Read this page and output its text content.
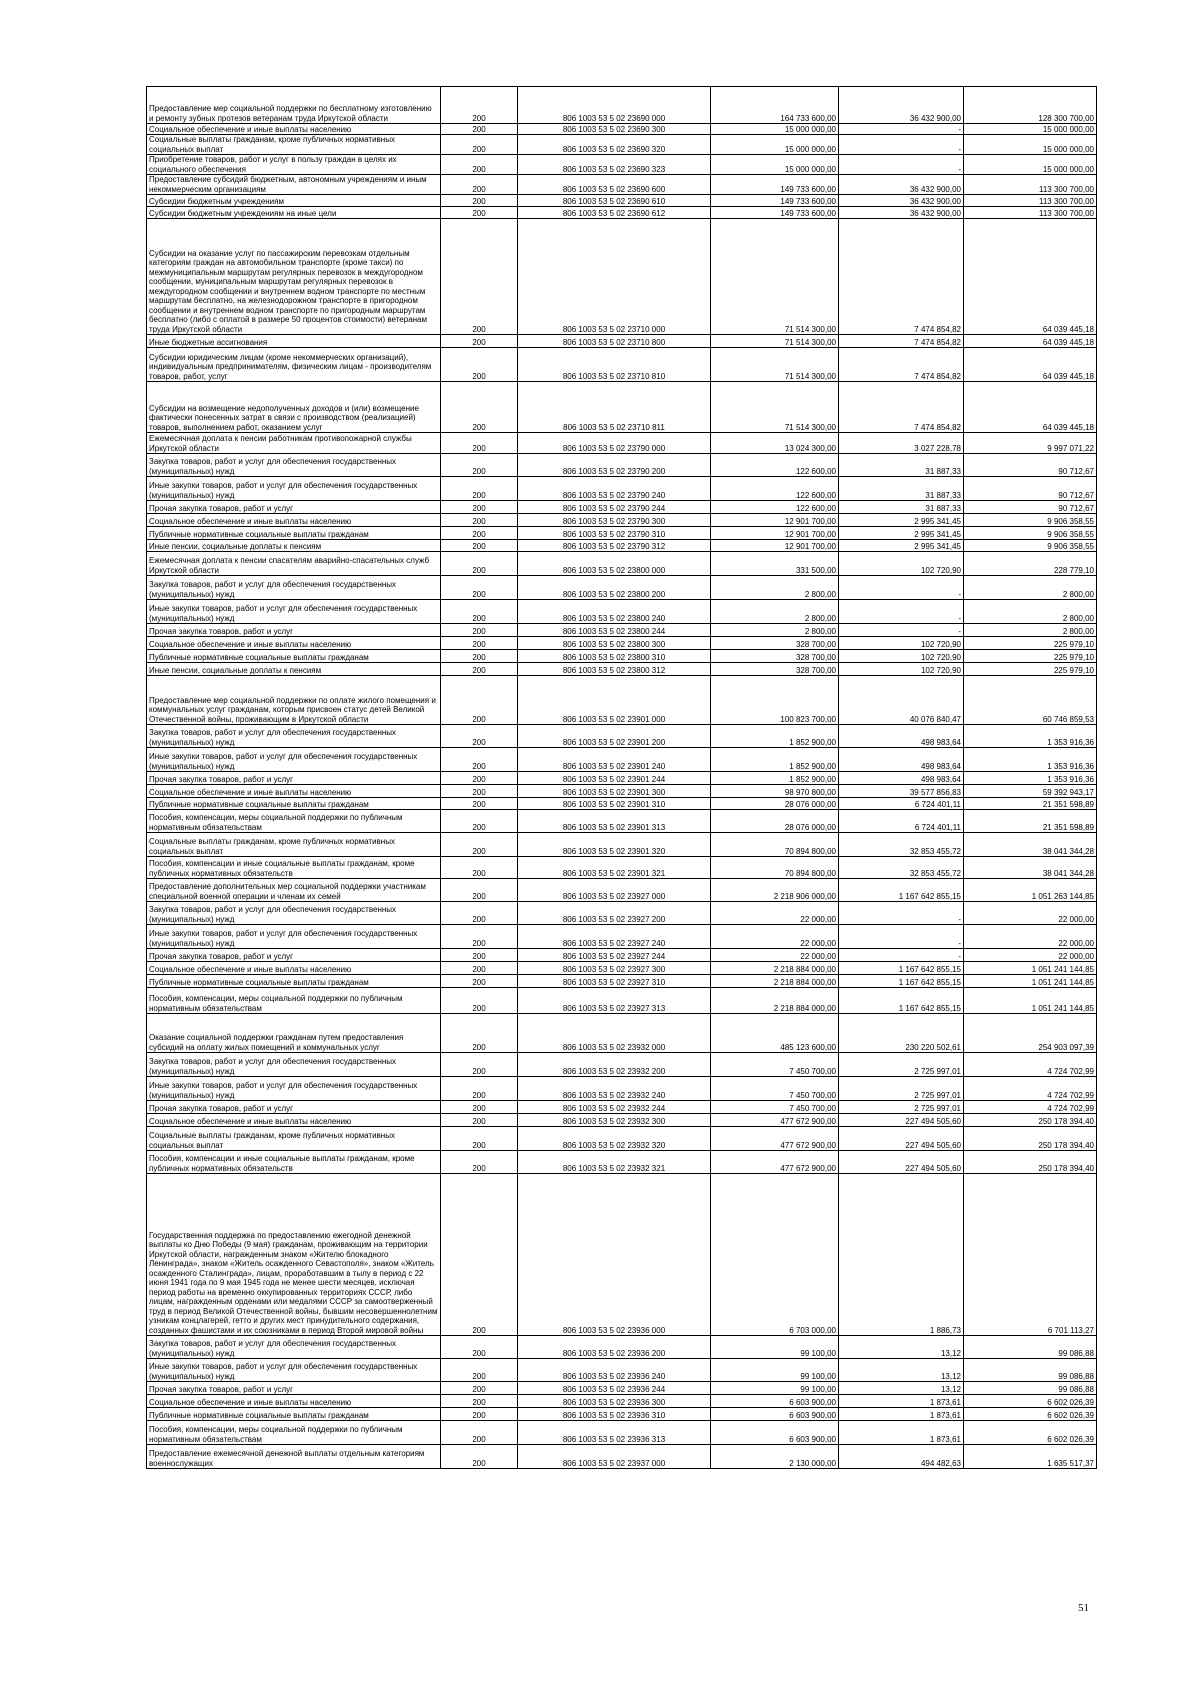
Предоставление мер социальной поддержки по бесплатному изготовлению и ремонту зубных протезов ветеранам труда Иркутской области	200	806 1003 53 5 02 23690 000	164 733 600,00	36 432 900,00	128 300 700,00
Социальное обеспечение и иные выплаты населению	200	806 1003 53 5 02 23690 300	15 000 000,00	-	15 000 000,00
Социальные выплаты гражданам, кроме публичных нормативных социальных выплат	200	806 1003 53 5 02 23690 320	15 000 000,00	-	15 000 000,00
Приобретение товаров, работ и услуг в пользу граждан в целях их социального обеспечения	200	806 1003 53 5 02 23690 323	15 000 000,00	-	15 000 000,00
Предоставление субсидий бюджетным, автономным учреждениям и иным некоммерческим организациям	200	806 1003 53 5 02 23690 600	149 733 600,00	36 432 900,00	113 300 700,00
Субсидии бюджетным учреждениям	200	806 1003 53 5 02 23690 610	149 733 600,00	36 432 900,00	113 300 700,00
Субсидии бюджетным учреждениям на иные цели	200	806 1003 53 5 02 23690 612	149 733 600,00	36 432 900,00	113 300 700,00
Субсидии на оказание услуг по пассажирским перевозкам отдельным категориям граждан на автомобильном транспорте (кроме такси) по межмуниципальным маршрутам регулярных перевозок в междугородном сообщении, муниципальным маршрутам регулярных перевозок в междугородном сообщении и внутреннем водном транспорте по местным маршрутам бесплатно, на железнодорожном транспорте в пригородном сообщении и внутреннем водном транспорте по пригородным маршрутам бесплатно (либо с оплатой в размере 50 процентов стоимости) ветеранам труда Иркутской области	200	806 1003 53 5 02 23710 000	71 514 300,00	7 474 854,82	64 039 445,18
Иные бюджетные ассигнования	200	806 1003 53 5 02 23710 800	71 514 300,00	7 474 854,82	64 039 445,18
Субсидии юридическим лицам (кроме некоммерческих организаций), индивидуальным предпринимателям, физическим лицам - производителям товаров, работ, услуг	200	806 1003 53 5 02 23710 810	71 514 300,00	7 474 854,82	64 039 445,18
Субсидии на возмещение недополученных доходов и (или) возмещение фактически понесенных затрат в связи с производством (реализацией) товаров, выполнением работ, оказанием услуг	200	806 1003 53 5 02 23710 811	71 514 300,00	7 474 854,82	64 039 445,18
Ежемесячная доплата к пенсии работникам противопожарной службы Иркутской области	200	806 1003 53 5 02 23790 000	13 024 300,00	3 027 228,78	9 997 071,22
Закупка товаров, работ и услуг для обеспечения государственных (муниципальных) нужд	200	806 1003 53 5 02 23790 200	122 600,00	31 887,33	90 712,67
Иные закупки товаров, работ и услуг для обеспечения государственных (муниципальных) нужд	200	806 1003 53 5 02 23790 240	122 600,00	31 887,33	90 712,67
Прочая закупка товаров, работ и услуг	200	806 1003 53 5 02 23790 244	122 600,00	31 887,33	90 712,67
Социальное обеспечение и иные выплаты населению	200	806 1003 53 5 02 23790 300	12 901 700,00	2 995 341,45	9 906 358,55
Публичные нормативные социальные выплаты гражданам	200	806 1003 53 5 02 23790 310	12 901 700,00	2 995 341,45	9 906 358,55
Иные пенсии, социальные доплаты к пенсиям	200	806 1003 53 5 02 23790 312	12 901 700,00	2 995 341,45	9 906 358,55
Ежемесячная доплата к пенсии спасателям аварийно-спасательных служб Иркутской области	200	806 1003 53 5 02 23800 000	331 500,00	102 720,90	228 779,10
Закупка товаров, работ и услуг для обеспечения государственных (муниципальных) нужд	200	806 1003 53 5 02 23800 200	2 800,00	-	2 800,00
Иные закупки товаров, работ и услуг для обеспечения государственных (муниципальных) нужд	200	806 1003 53 5 02 23800 240	2 800,00	-	2 800,00
Прочая закупка товаров, работ и услуг	200	806 1003 53 5 02 23800 244	2 800,00	-	2 800,00
Социальное обеспечение и иные выплаты населению	200	806 1003 53 5 02 23800 300	328 700,00	102 720,90	225 979,10
Публичные нормативные социальные выплаты гражданам	200	806 1003 53 5 02 23800 310	328 700,00	102 720,90	225 979,10
Иные пенсии, социальные доплаты к пенсиям	200	806 1003 53 5 02 23800 312	328 700,00	102 720,90	225 979,10
Предоставление мер социальной поддержки по оплате жилого помещения и коммунальных услуг гражданам, которым присвоен статус детей Великой Отечественной войны, проживающим в Иркутской области	200	806 1003 53 5 02 23901 000	100 823 700,00	40 076 840,47	60 746 859,53
Закупка товаров, работ и услуг для обеспечения государственных (муниципальных) нужд	200	806 1003 53 5 02 23901 200	1 852 900,00	498 983,64	1 353 916,36
Иные закупки товаров, работ и услуг для обеспечения государственных (муниципальных) нужд	200	806 1003 53 5 02 23901 240	1 852 900,00	498 983,64	1 353 916,36
Прочая закупка товаров, работ и услуг	200	806 1003 53 5 02 23901 244	1 852 900,00	498 983,64	1 353 916,36
Социальное обеспечение и иные выплаты населению	200	806 1003 53 5 02 23901 300	98 970 800,00	39 577 856,83	59 392 943,17
Публичные нормативные социальные выплаты гражданам	200	806 1003 53 5 02 23901 310	28 076 000,00	6 724 401,11	21 351 598,89
Пособия, компенсации, меры социальной поддержки по публичным нормативным обязательствам	200	806 1003 53 5 02 23901 313	28 076 000,00	6 724 401,11	21 351 598,89
Социальные выплаты гражданам, кроме публичных нормативных социальных выплат	200	806 1003 53 5 02 23901 320	70 894 800,00	32 853 455,72	38 041 344,28
Пособия, компенсации и иные социальные выплаты гражданам, кроме публичных нормативных обязательств	200	806 1003 53 5 02 23901 321	70 894 800,00	32 853 455,72	38 041 344,28
Предоставление дополнительных мер социальной поддержки участникам специальной военной операции и членам их семей	200	806 1003 53 5 02 23927 000	2 218 906 000,00	1 167 642 855,15	1 051 263 144,85
Закупка товаров, работ и услуг для обеспечения государственных (муниципальных) нужд	200	806 1003 53 5 02 23927 200	22 000,00	-	22 000,00
Иные закупки товаров, работ и услуг для обеспечения государственных (муниципальных) нужд	200	806 1003 53 5 02 23927 240	22 000,00	-	22 000,00
Прочая закупка товаров, работ и услуг	200	806 1003 53 5 02 23927 244	22 000,00	-	22 000,00
Социальное обеспечение и иные выплаты населению	200	806 1003 53 5 02 23927 300	2 218 884 000,00	1 167 642 855,15	1 051 241 144,85
Публичные нормативные социальные выплаты гражданам	200	806 1003 53 5 02 23927 310	2 218 884 000,00	1 167 642 855,15	1 051 241 144,85
Пособия, компенсации, меры социальной поддержки по публичным нормативным обязательствам	200	806 1003 53 5 02 23927 313	2 218 884 000,00	1 167 642 855,15	1 051 241 144,85
Оказание социальной поддержки гражданам путем предоставления субсидий на оплату жилых помещений и коммунальных услуг	200	806 1003 53 5 02 23932 000	485 123 600,00	230 220 502,61	254 903 097,39
Закупка товаров, работ и услуг для обеспечения государственных (муниципальных) нужд	200	806 1003 53 5 02 23932 200	7 450 700,00	2 725 997,01	4 724 702,99
Иные закупки товаров, работ и услуг для обеспечения государственных (муниципальных) нужд	200	806 1003 53 5 02 23932 240	7 450 700,00	2 725 997,01	4 724 702,99
Прочая закупка товаров, работ и услуг	200	806 1003 53 5 02 23932 244	7 450 700,00	2 725 997,01	4 724 702,99
Социальное обеспечение и иные выплаты населению	200	806 1003 53 5 02 23932 300	477 672 900,00	227 494 505,60	250 178 394,40
Социальные выплаты гражданам, кроме публичных нормативных социальных выплат	200	806 1003 53 5 02 23932 320	477 672 900,00	227 494 505,60	250 178 394,40
Пособия, компенсации и иные социальные выплаты гражданам, кроме публичных нормативных обязательств	200	806 1003 53 5 02 23932 321	477 672 900,00	227 494 505,60	250 178 394,40
Государственная поддержка по предоставлению ежегодной денежной выплаты ко Дню Победы (9 мая) гражданам, проживающим на территории Иркутской области, награжденным знаком «Жителю блокадного Ленинграда», знаком «Житель осажденного Севастополя», знаком «Житель осажденного Сталинграда», лицам, проработавшим в тылу в период с 22 июня 1941 года по 9 мая 1945 года не менее шести месяцев, исключая период работы на временно оккупированных территориях СССР, либо лицам, награжденным орденами или медалями СССР за самоотверженный труд в период Великой Отечественной войны, бывшим несовершеннолетним узникам концлагерей, гетто и других мест принудительного содержания, созданных фашистами и их союзниками в период Второй мировой войны	200	806 1003 53 5 02 23936 000	6 703 000,00	1 886,73	6 701 113,27
Закупка товаров, работ и услуг для обеспечения государственных (муниципальных) нужд	200	806 1003 53 5 02 23936 200	99 100,00	13,12	99 086,88
Иные закупки товаров, работ и услуг для обеспечения государственных (муниципальных) нужд	200	806 1003 53 5 02 23936 240	99 100,00	13,12	99 086,88
Прочая закупка товаров, работ и услуг	200	806 1003 53 5 02 23936 244	99 100,00	13,12	99 086,88
Социальное обеспечение и иные выплаты населению	200	806 1003 53 5 02 23936 300	6 603 900,00	1 873,61	6 602 026,39
Публичные нормативные социальные выплаты гражданам	200	806 1003 53 5 02 23936 310	6 603 900,00	1 873,61	6 602 026,39
Пособия, компенсации, меры социальной поддержки по публичным нормативным обязательствам	200	806 1003 53 5 02 23936 313	6 603 900,00	1 873,61	6 602 026,39
Предоставление ежемесячной денежной выплаты отдельным категориям военнослужащих	200	806 1003 53 5 02 23937 000	2 130 000,00	494 482,63	1 635 517,37
51
